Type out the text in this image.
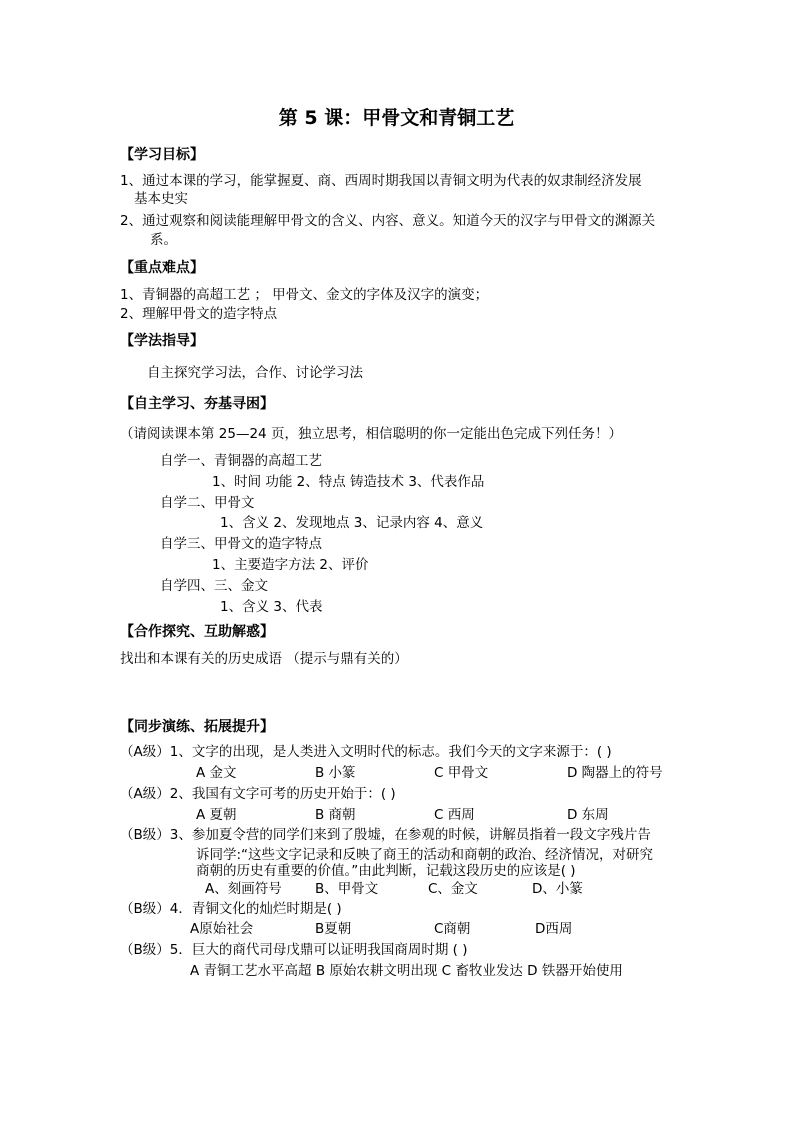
第 5 课：甲骨文和青铜工艺
【学习目标】
1、通过本课的学习，能掌握夏、商、西周时期我国以青铜文明为代表的奴隶制经济发展
基本史实
2、通过观察和阅读能理解甲骨文的含义、内容、意义。知道今天的汉字与甲骨文的渊源关
系。
【重点难点】
1、青铜器的高超工艺 ； 甲骨文、金文的字体及汉字的演变；
2、理解甲骨文的造字特点
【学法指导】
自主探究学习法，合作、讨论学习法
【自主学习、夯基寻困】
（请阅读课本第 25—24 页，独立思考，相信聪明的你一定能出色完成下列任务！）
自学一、青铜器的高超工艺
1、时间 功能 2、特点 铸造技术 3、代表作品
自学二、甲骨文
1、含义 2、发现地点 3、记录内容 4、意义
自学三、甲骨文的造字特点
1、主要造字方法 2、评价
自学四、三、金文
1、含义 3、代表
【合作探究、互助解惑】
找出和本课有关的历史成语 （提示与鼎有关的）
【同步演练、拓展提升】
（A级）1、文字的出现，是人类进入文明时代的标志。我们今天的文字来源于：( )
A 金文	B 小篆	C 甲骨文	D 陶器上的符号
（A级）2、我国有文字可考的历史开始于：( )
A 夏朝	B 商朝	C 西周	D 东周
（B级）3、参加夏令营的同学们来到了殷墟，在参观的时候，讲解员指着一段文字残片告
诉同学:“这些文字记录和反映了商王的活动和商朝的政治、经济情况，对研究
商朝的历史有重要的价值。”由此判断，记载这段历史的应该是( )
A、刻画符号 B、甲骨文	C、金文	D、小篆
（B级）4．青铜文化的灿烂时期是( )
A原始社会	B夏朝	C商朝	D西周
（B级）5．巨大的商代司母戊鼎可以证明我国商周时期 ( )
A 青铜工艺水平高超 B 原始农耕文明出现 C 畜牧业发达 D 铁器开始使用
